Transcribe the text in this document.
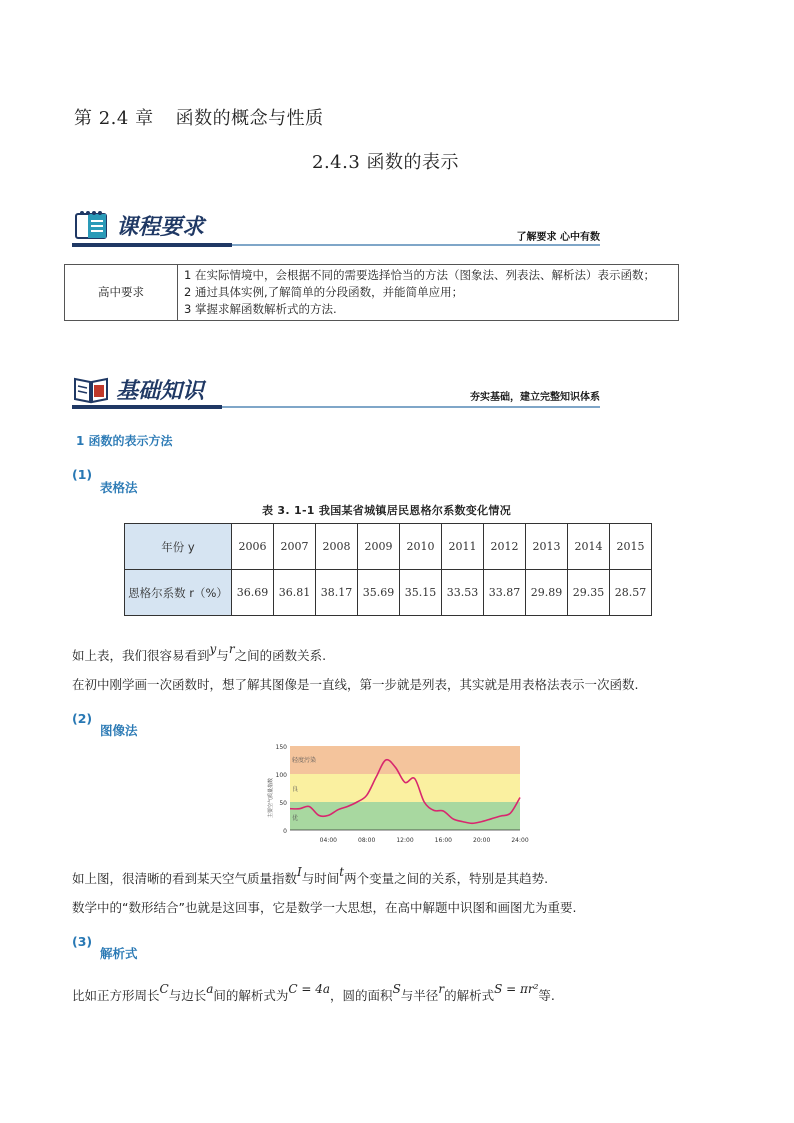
第 2.4 章 函数的概念与性质
2.4.3 函数的表示
课程要求	了解要求 心中有数
高中要求	
1 在实际情境中，会根据不同的需要选择恰当的方法（图象法、列表法、解析法）表示函数；
2 通过具体实例,了解简单的分段函数，并能简单应用；
3 掌握求解函数解析式的方法.
基础知识	夯实基础，建立完整知识体系
1 函数的表示方法
(1)
表格法
表 3. 1-1 我国某省城镇居民恩格尔系数变化情况
年份 y	2006	2007	2008	2009	2010	2011	2012	2013	2014	2015
恩格尔系数 r（%）	36.69	36.81	38.17	35.69	35.15	33.53	33.87	29.89	29.35	28.57
如上表，我们很容易看到y与r之间的函数关系.
在初中刚学画一次函数时，想了解其图像是一直线，第一步就是列表，其实就是用表格法表示一次函数.
(2)
图像法
轻度污染
良
优
150
100
50
0
主要空气质量指数
04:00	08:00	12:00	16:00	20:00	24:00
如上图，很清晰的看到某天空气质量指数I与时间t两个变量之间的关系，特别是其趋势.
数学中的“数形结合”也就是这回事，它是数学一大思想，在高中解题中识图和画图尤为重要.
(3)
解析式
比如正方形周长C与边长a间的解析式为C = 4a，圆的面积S与半径r的解析式S = πr²等.
